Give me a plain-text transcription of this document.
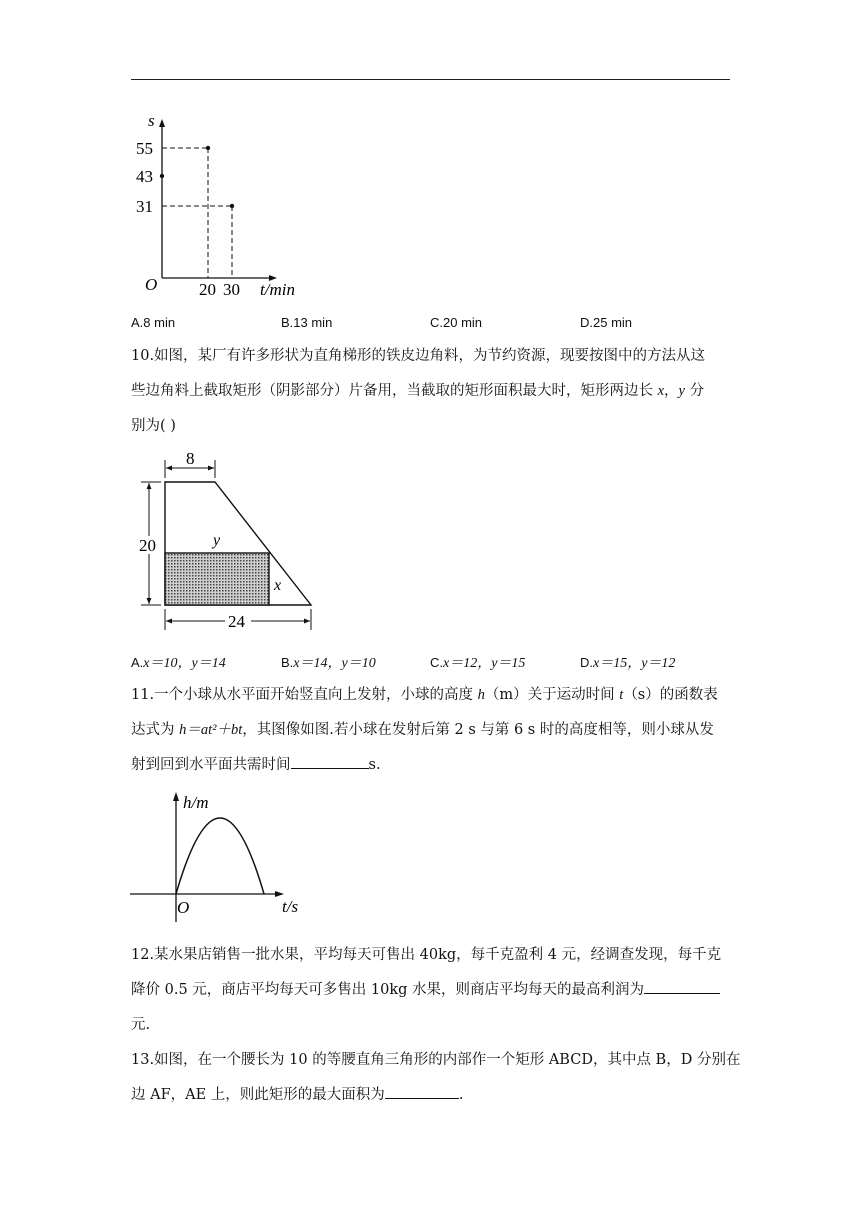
s
55
43
31
O 20 30 t/min
A.8 min	B.13 min	C.20 min	D.25 min
10.如图，某厂有许多形状为直角梯形的铁皮边角料，为节约资源，现要按图中的方法从这
些边角料上截取矩形（阴影部分）片备用，当截取的矩形面积最大时，矩形两边长 x，y 分
别为( )
8
20
24
y
x
A.x＝10，y＝14	B.x＝14，y＝10	C.x＝12，y＝15	D.x＝15，y＝12
11.一个小球从水平面开始竖直向上发射，小球的高度 h（m）关于运动时间 t（s）的函数表
达式为 h＝at²＋bt，其图像如图.若小球在发射后第 2 s 与第 6 s 时的高度相等，则小球从发
射到回到水平面共需时间	s.
h/m
O	t/s
12.某水果店销售一批水果，平均每天可售出 40kg，每千克盈利 4 元，经调查发现，每千克
降价 0.5 元，商店平均每天可多售出 10kg 水果，则商店平均每天的最高利润为
元.
13.如图，在一个腰长为 10 的等腰直角三角形的内部作一个矩形 ABCD，其中点 B，D 分别在
边 AF，AE 上，则此矩形的最大面积为	.
